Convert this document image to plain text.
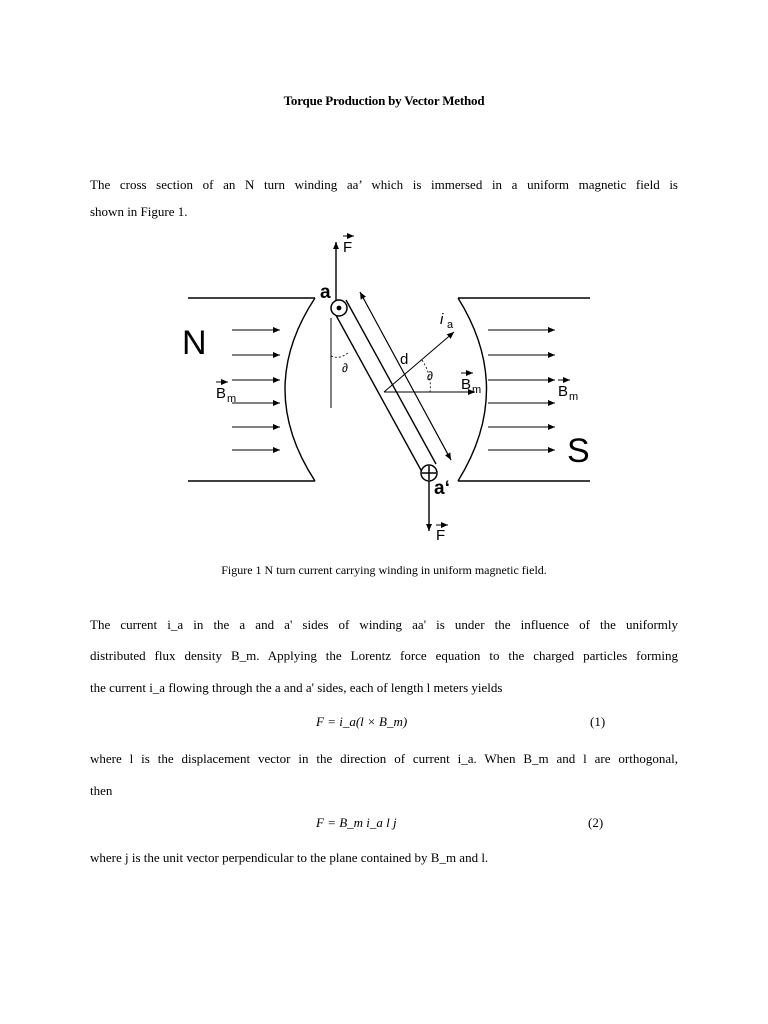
Torque Production by Vector Method
The cross section of an N turn winding aa’ which is immersed in a uniform magnetic field is
shown in Figure 1.
N
S
a
a‘
F
F
i a
d
∂
∂
B m
B m	B m
Figure 1 N turn current carrying winding in uniform magnetic field.
The current i_a in the a and a' sides of winding aa' is under the influence of the uniformly
distributed flux density B_m. Applying the Lorentz force equation to the charged particles forming
the current i_a flowing through the a and a' sides, each of length l meters yields
F = i_a(l × B_m)	(1)
where l is the displacement vector in the direction of current i_a. When B_m and l are orthogonal,
then
F = B_m i_a l j	(2)
where j is the unit vector perpendicular to the plane contained by B_m and l.
